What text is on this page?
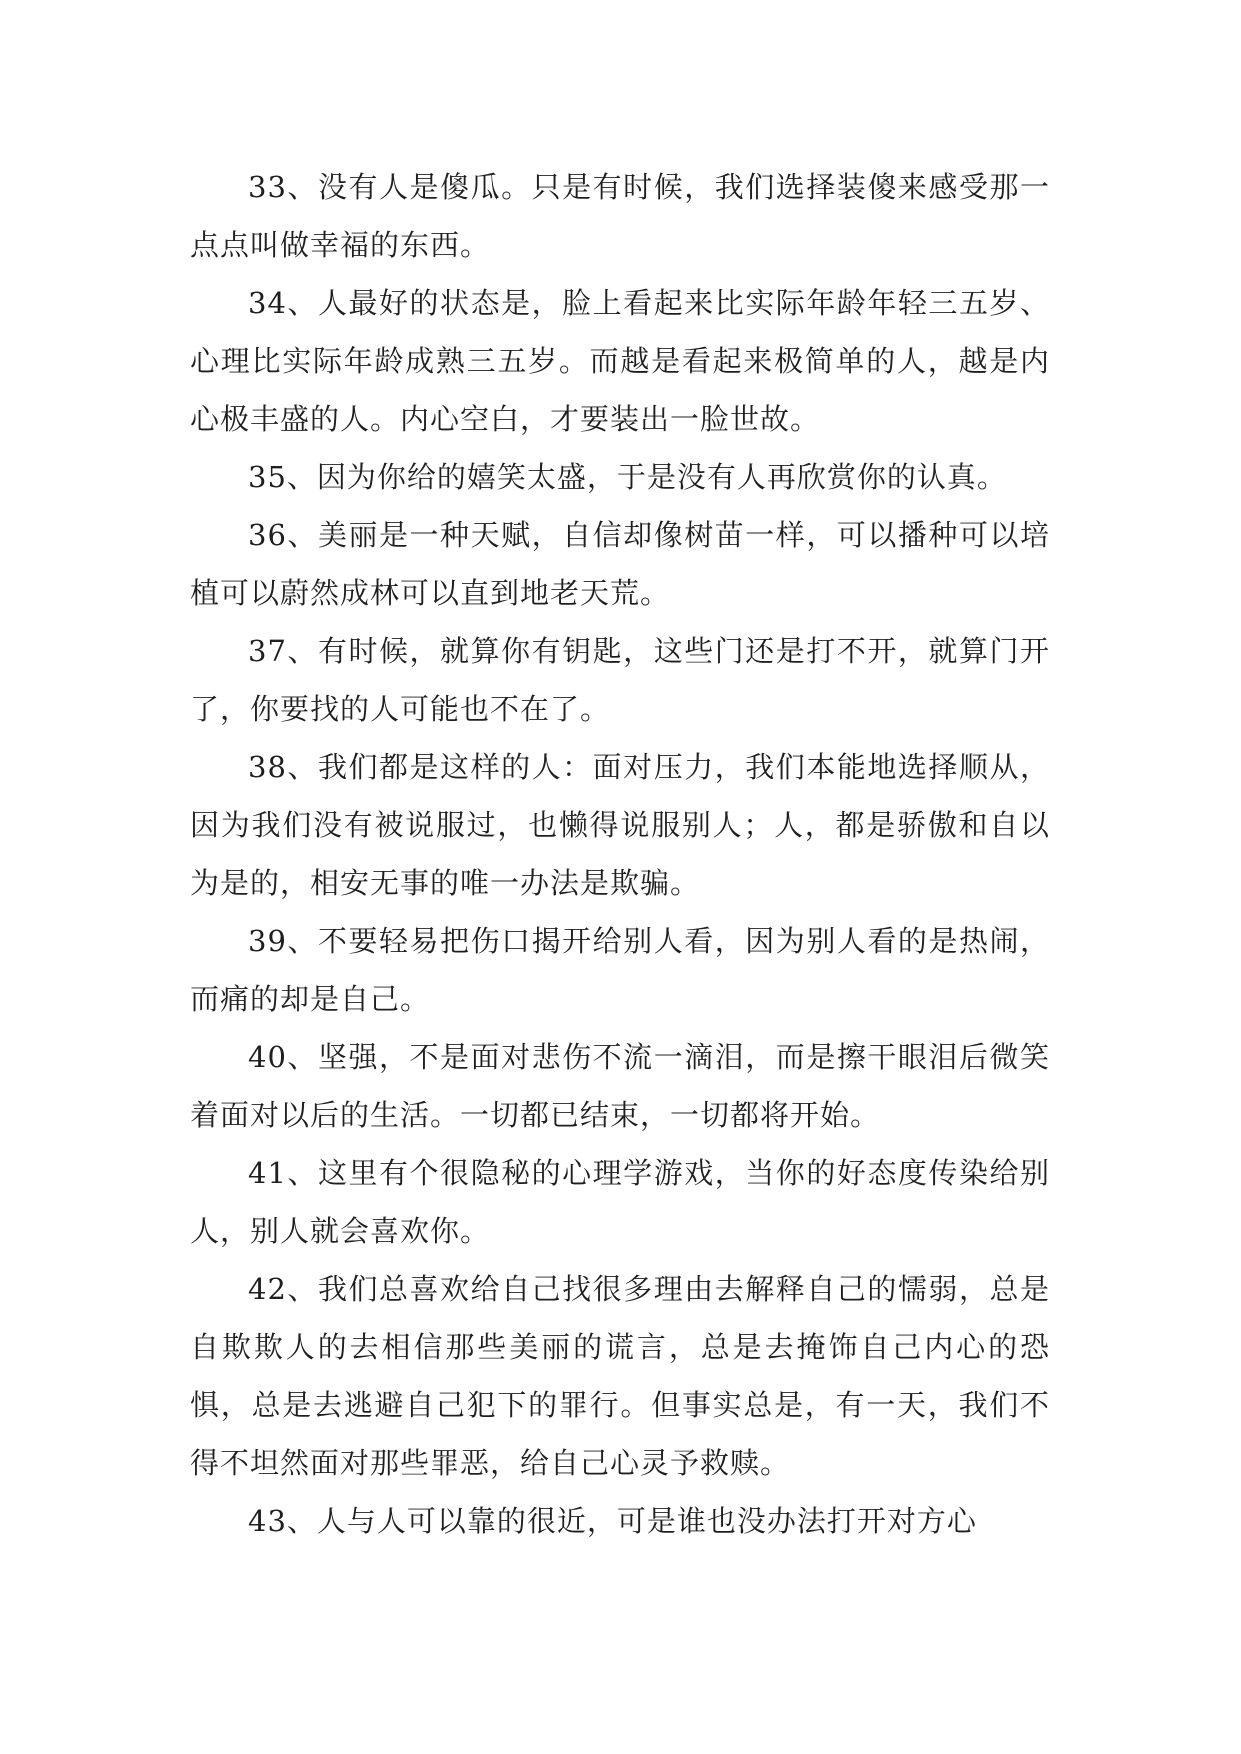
33、没有人是傻瓜。只是有时候，我们选择装傻来感受那一点点叫做幸福的东西。

34、人最好的状态是，脸上看起来比实际年龄年轻三五岁、心理比实际年龄成熟三五岁。而越是看起来极简单的人，越是内心极丰盛的人。内心空白，才要装出一脸世故。

35、因为你给的嬉笑太盛，于是没有人再欣赏你的认真。

36、美丽是一种天赋，自信却像树苗一样，可以播种可以培植可以蔚然成林可以直到地老天荒。

37、有时候，就算你有钥匙，这些门还是打不开，就算门开了，你要找的人可能也不在了。

38、我们都是这样的人：面对压力，我们本能地选择顺从，因为我们没有被说服过，也懒得说服别人；人，都是骄傲和自以为是的，相安无事的唯一办法是欺骗。

39、不要轻易把伤口揭开给别人看，因为别人看的是热闹，而痛的却是自己。

40、坚强，不是面对悲伤不流一滴泪，而是擦干眼泪后微笑着面对以后的生活。一切都已结束，一切都将开始。

41、这里有个很隐秘的心理学游戏，当你的好态度传染给别人，别人就会喜欢你。

42、我们总喜欢给自己找很多理由去解释自己的懦弱，总是自欺欺人的去相信那些美丽的谎言，总是去掩饰自己内心的恐惧，总是去逃避自己犯下的罪行。但事实总是，有一天，我们不得不坦然面对那些罪恶，给自己心灵予救赎。

43、人与人可以靠的很近，可是谁也没办法打开对方心
